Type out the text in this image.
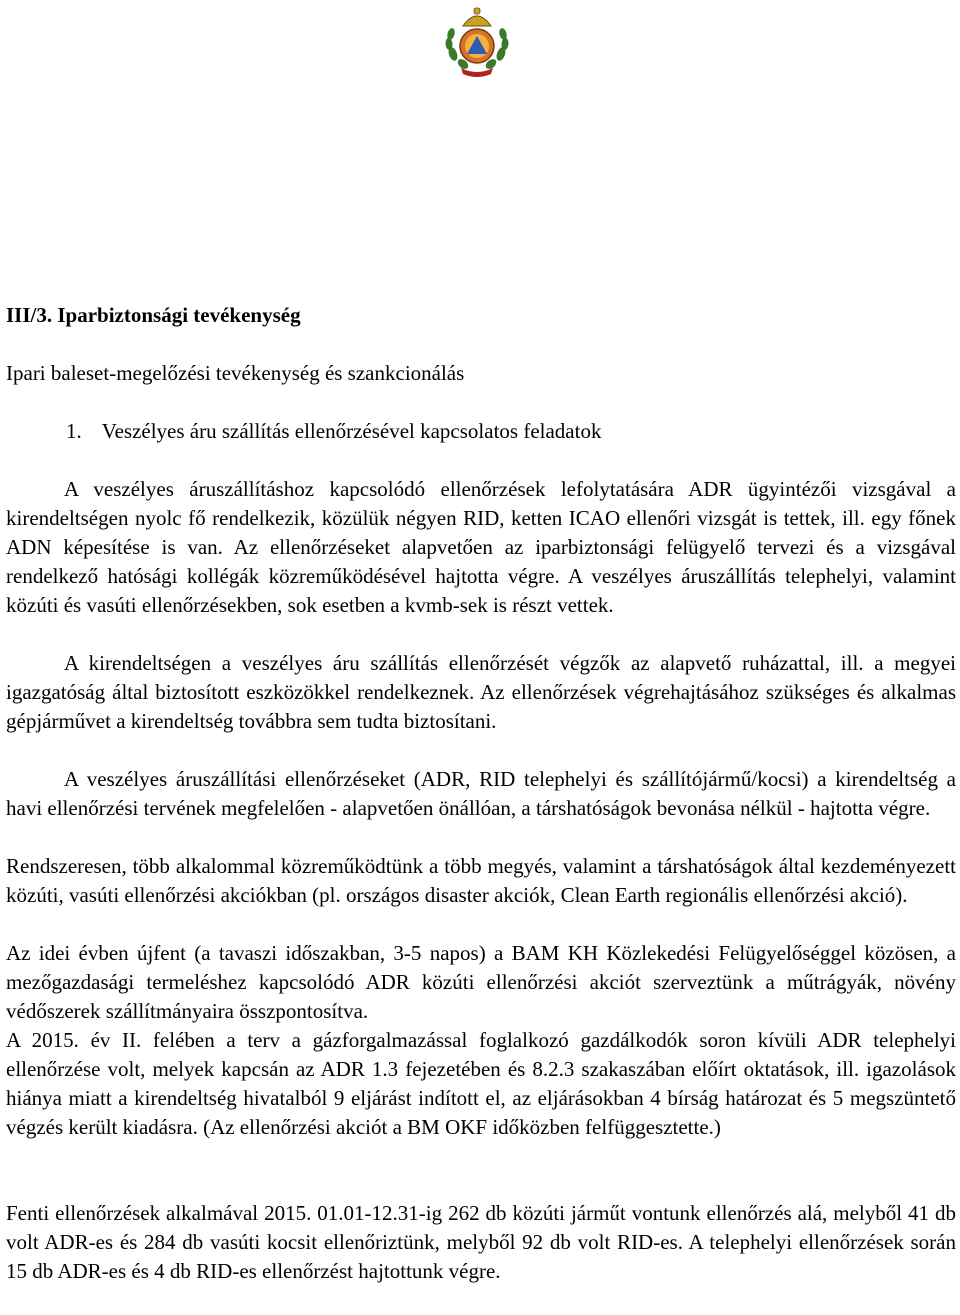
III/3. Iparbiztonsági tevékenység

Ipari baleset-megelőzési tevékenység és szankcionálás

1. Veszélyes áru szállítás ellenőrzésével kapcsolatos feladatok

A veszélyes áruszállításhoz kapcsolódó ellenőrzések lefolytatására ADR ügyintézői vizsgával a kirendeltségen nyolc fő rendelkezik, közülük négyen RID, ketten ICAO ellenőri vizsgát is tettek, ill. egy főnek ADN képesítése is van. Az ellenőrzéseket alapvetően az iparbiztonsági felügyelő tervezi és a vizsgával rendelkező hatósági kollégák közreműködésével hajtotta végre. A veszélyes áruszállítás telephelyi, valamint közúti és vasúti ellenőrzésekben, sok esetben a kvmb-sek is részt vettek.

A kirendeltségen a veszélyes áru szállítás ellenőrzését végzők az alapvető ruházattal, ill. a megyei igazgatóság által biztosított eszközökkel rendelkeznek. Az ellenőrzések végrehajtásához szükséges és alkalmas gépjárművet a kirendeltség továbbra sem tudta biztosítani.

A veszélyes áruszállítási ellenőrzéseket (ADR, RID telephelyi és szállítójármű/kocsi) a kirendeltség a havi ellenőrzési tervének megfelelően - alapvetően önállóan, a társhatóságok bevonása nélkül - hajtotta végre.

Rendszeresen, több alkalommal közreműködtünk a több megyés, valamint a társhatóságok által kezdeményezett közúti, vasúti ellenőrzési akciókban (pl. országos disaster akciók, Clean Earth regionális ellenőrzési akció).

Az idei évben újfent (a tavaszi időszakban, 3-5 napos) a BAM KH Közlekedési Felügyelőséggel közösen, a mezőgazdasági termeléshez kapcsolódó ADR közúti ellenőrzési akciót szerveztünk a műtrágyák, növény védőszerek szállítmányaira összpontosítva.

A 2015. év II. felében a terv a gázforgalmazással foglalkozó gazdálkodók soron kívüli ADR telephelyi ellenőrzése volt, melyek kapcsán az ADR 1.3 fejezetében és 8.2.3 szakaszában előírt oktatások, ill. igazolások hiánya miatt a kirendeltség hivatalból 9 eljárást indított el, az eljárásokban 4 bírság határozat és 5 megszüntető végzés került kiadásra. (Az ellenőrzési akciót a BM OKF időközben felfüggesztette.)

Fenti ellenőrzések alkalmával 2015. 01.01-12.31-ig 262 db közúti járműt vontunk ellenőrzés alá, melyből 41 db volt ADR-es és 284 db vasúti kocsit ellenőriztünk, melyből 92 db volt RID-es. A telephelyi ellenőrzések során 15 db ADR-es és 4 db RID-es ellenőrzést hajtottunk végre.
